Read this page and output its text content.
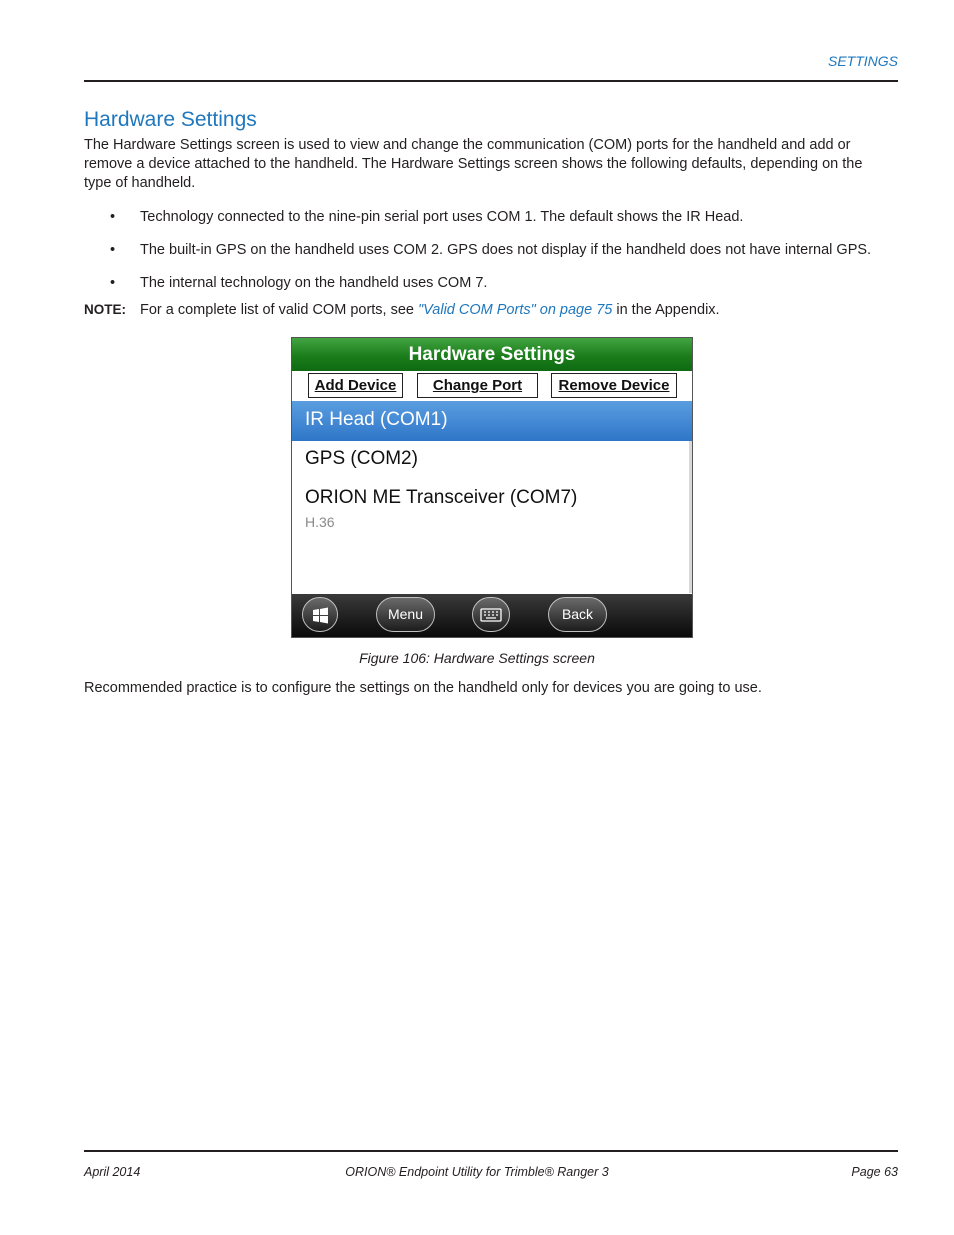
SETTINGS
Hardware Settings
The Hardware Settings screen is used to view and change the communication (COM) ports for the handheld and add or remove a device attached to the handheld. The Hardware Settings screen shows the following defaults, depending on the type of handheld.
•	Technology connected to the nine-pin serial port uses COM 1. The default shows the IR Head.
•	The built-in GPS on the handheld uses COM 2. GPS does not display if the handheld does not have internal GPS.
•	The internal technology on the handheld uses COM 7.
NOTE: For a complete list of valid COM ports, see "Valid COM Ports" on page 75 in the Appendix.
Hardware Settings
Add Device	Change Port	Remove Device
IR Head (COM1)
GPS (COM2)
ORION ME Transceiver (COM7)
H.36
Menu	Back
Figure 106: Hardware Settings screen
Recommended practice is to configure the settings on the handheld only for devices you are going to use.
April 2014	ORION® Endpoint Utility for Trimble® Ranger 3	Page 63
